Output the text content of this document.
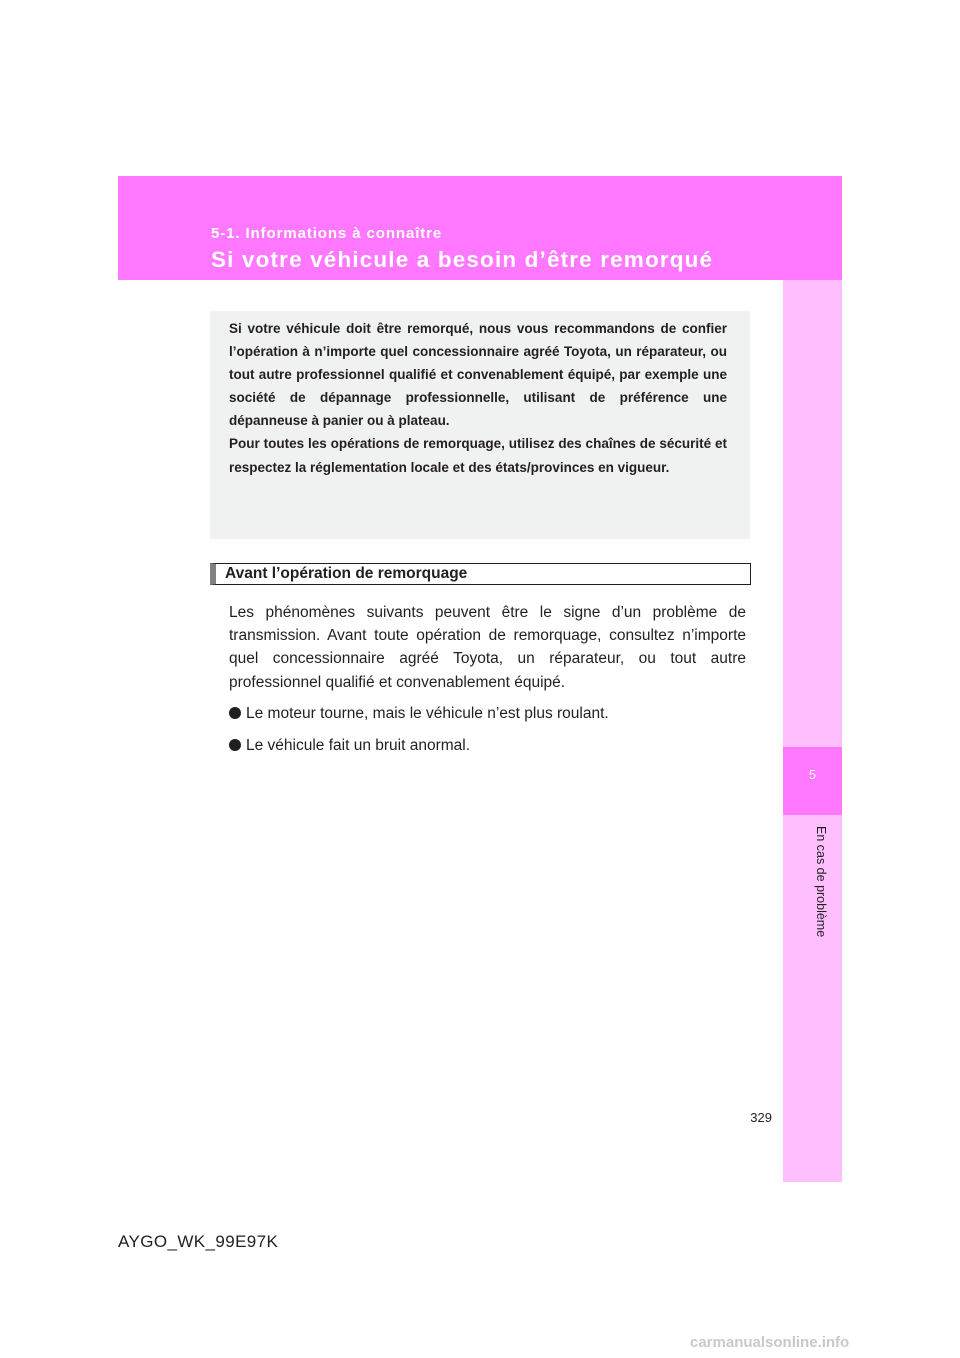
5-1. Informations à connaître
Si votre véhicule a besoin d’être remorqué
5
En cas de problème

Si votre véhicule doit être remorqué, nous vous recommandons de confier l’opération à n’importe quel concessionnaire agréé Toyota, un réparateur, ou tout autre professionnel qualifié et convenablement équipé, par exemple une société de dépannage professionnelle, utilisant de préférence une dépanneuse à panier ou à plateau.

Pour toutes les opérations de remorquage, utilisez des chaînes de sécurité et respectez la réglementation locale et des états/provinces en vigueur.

Avant l’opération de remorquage

Les phénomènes suivants peuvent être le signe d’un problème de transmission. Avant toute opération de remorquage, consultez n’importe quel concessionnaire agréé Toyota, un réparateur, ou tout autre professionnel qualifié et convenablement équipé.

Le moteur tourne, mais le véhicule n’est plus roulant.
Le véhicule fait un bruit anormal.
329
AYGO_WK_99E97K
carmanualsonline.info
